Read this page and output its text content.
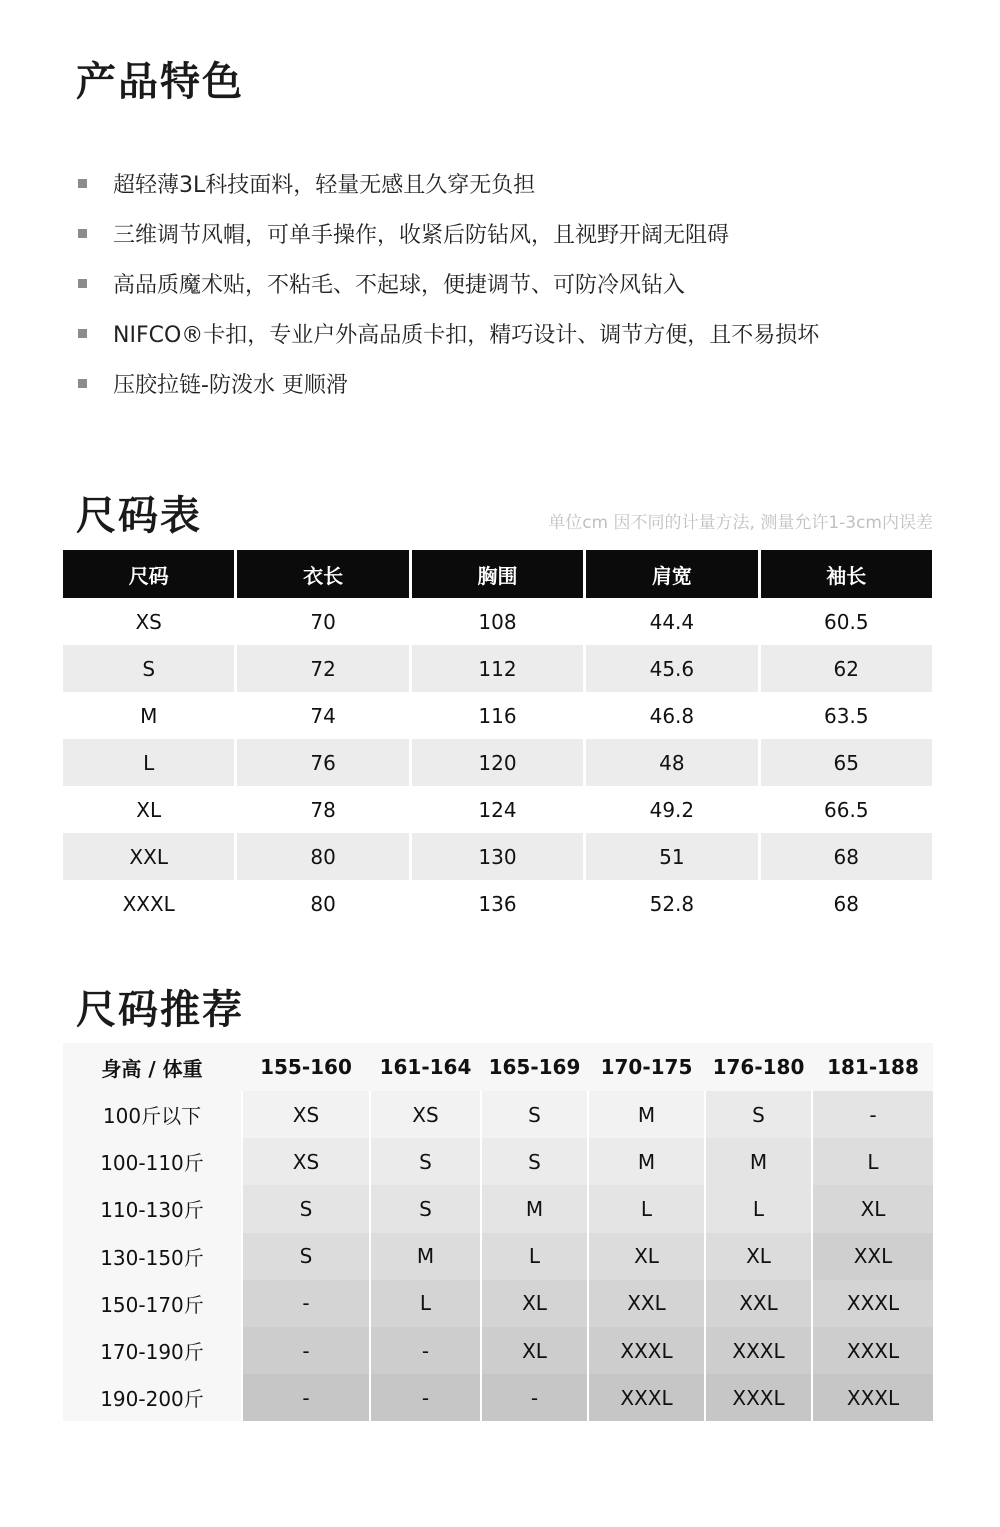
产品特色
超轻薄3L科技面料，轻量无感且久穿无负担
三维调节风帽，可单手操作，收紧后防钻风，且视野开阔无阻碍
高品质魔术贴，不粘毛、不起球，便捷调节、可防冷风钻入
NIFCO®卡扣，专业户外高品质卡扣，精巧设计、调节方便，且不易损坏
压胶拉链-防泼水 更顺滑
尺码表	单位cm 因不同的计量方法, 测量允许1-3cm内误差
尺码	衣长	胸围	肩宽	袖长
XS	70	108	44.4	60.5
S	72	112	45.6	62
M	74	116	46.8	63.5
L	76	120	48	65
XL	78	124	49.2	66.5
XXL	80	130	51	68
XXXL	80	136	52.8	68
尺码推荐
身高 / 体重	155-160	161-164	165-169	170-175	176-180	181-188
100斤以下	XS	XS	S	M	S	-
100-110斤	XS	S	S	M	M	L
110-130斤	S	S	M	L	L	XL
130-150斤	S	M	L	XL	XL	XXL
150-170斤	-	L	XL	XXL	XXL	XXXL
170-190斤	-	-	XL	XXXL	XXXL	XXXL
190-200斤	-	-	-	XXXL	XXXL	XXXL
